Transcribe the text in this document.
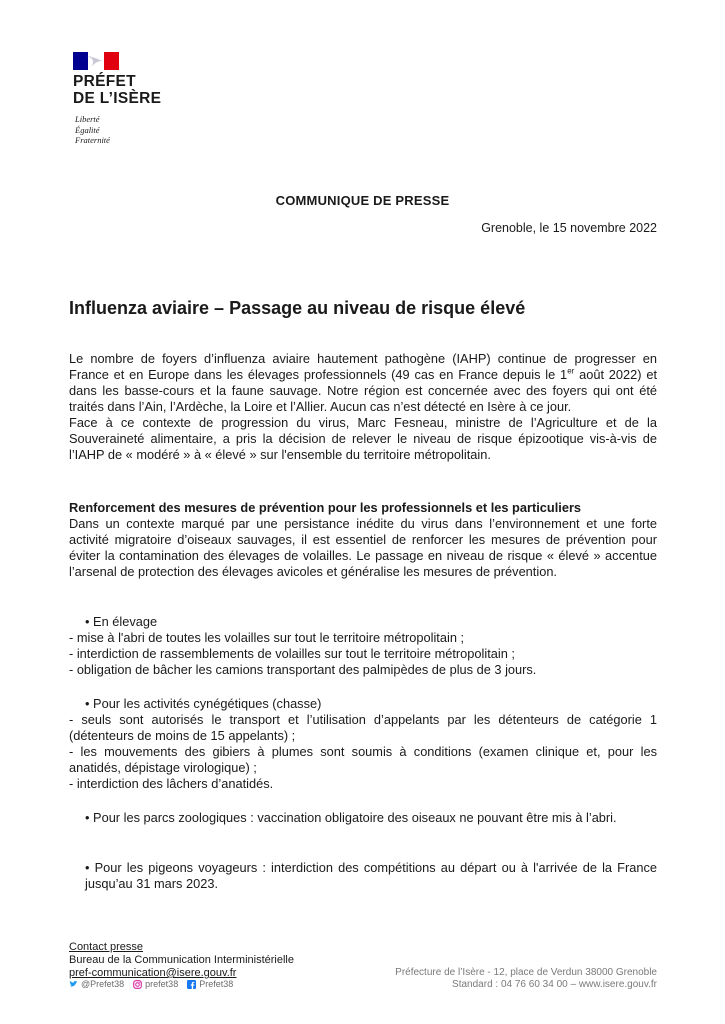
PRÉFET
DE L’ISÈRE
Liberté
Égalité
Fraternité
COMMUNIQUE DE PRESSE
Grenoble, le 15 novembre 2022
Influenza aviaire – Passage au niveau de risque élevé

Le nombre de foyers d’influenza aviaire hautement pathogène (IAHP) continue de progresser en France et en Europe dans les élevages professionnels (49 cas en France depuis le 1er août 2022) et dans les basse-cours et la faune sauvage. Notre région est concernée avec des foyers qui ont été traités dans l’Ain, l’Ardèche, la Loire et l’Allier. Aucun cas n’est détecté en Isère à ce jour.

Face à ce contexte de progression du virus, Marc Fesneau, ministre de l’Agriculture et de la Souveraineté alimentaire, a pris la décision de relever le niveau de risque épizootique vis-à-vis de l’IAHP de « modéré » à « élevé » sur l'ensemble du territoire métropolitain.

Renforcement des mesures de prévention pour les professionnels et les particuliers

Dans un contexte marqué par une persistance inédite du virus dans l’environnement et une forte activité migratoire d’oiseaux sauvages, il est essentiel de renforcer les mesures de prévention pour éviter la contamination des élevages de volailles. Le passage en niveau de risque « élevé » accentue l’arsenal de protection des élevages avicoles et généralise les mesures de prévention.

• En élevage

- mise à l'abri de toutes les volailles sur tout le territoire métropolitain ;

- interdiction de rassemblements de volailles sur tout le territoire métropolitain ;

- obligation de bâcher les camions transportant des palmipèdes de plus de 3 jours.

• Pour les activités cynégétiques (chasse)

- seuls sont autorisés le transport et l’utilisation d’appelants par les détenteurs de catégorie 1 (détenteurs de moins de 15 appelants) ;

- les mouvements des gibiers à plumes sont soumis à conditions (examen clinique et, pour les anatidés, dépistage virologique) ;

- interdiction des lâchers d’anatidés.

• Pour les parcs zoologiques : vaccination obligatoire des oiseaux ne pouvant être mis à l’abri.

• Pour les pigeons voyageurs : interdiction des compétitions au départ ou à l'arrivée de la France jusqu’au 31 mars 2023.

Contact presse
Bureau de la Communication Interministérielle
pref-communication@isere.gouv.fr
@Prefet38 prefet38 Prefet38
Préfecture de l’Isère - 12, place de Verdun 38000 Grenoble
Standard : 04 76 60 34 00 – www.isere.gouv.fr
